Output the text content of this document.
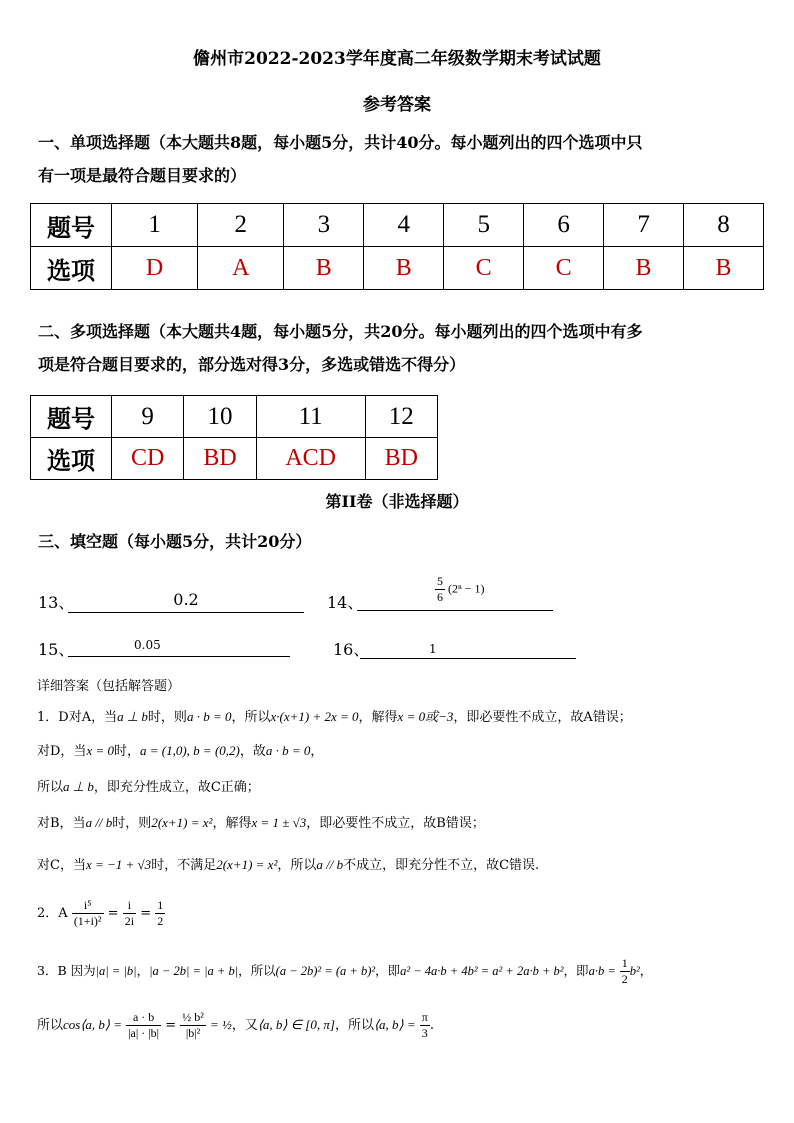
儋州市2022-2023学年度高二年级数学期末考试试题
参考答案
一、单项选择题（本大题共8题，每小题5分，共计40分。每小题列出的四个选项中只
有一项是最符合题目要求的）
题号	1	2	3	4	5	6	7	8
选项	D	A	B	B	C	C	B	B
二、多项选择题（本大题共4题，每小题5分，共20分。每小题列出的四个选项中有多
项是符合题目要求的，部分选对得3分，多选或错选不得分）
题号	9	10	11	12
选项	CD	BD	ACD	BD
第II卷（非选择题）
三、填空题（每小题5分，共计20分）
13、	0.2	14、	$\frac{5}{6} (2^n - 1)$
15、	0.05	16、	1
详细答案（包括解答题）
1．D对A，当a ⊥ b时，则a · b = 0，所以x·(x+1) + 2x = 0，解得x = 0或−3，即必要性不成立，故A错误；
对D，当x = 0时，a = (1,0), b = (0,2)，故a · b = 0，
所以a ⊥ b，即充分性成立，故C正确；
对B，当a // b时，则2(x+1) = x²，解得x = 1 ± √3，即必要性不成立，故B错误；
对C，当x = −1 + √3时，不满足2(x+1) = x²，所以a // b不成立，即充分性不立，故C错误.
2．A $\frac{\text{i⁵}}{\text{(1+i)²}} = \frac{i}{2i} = \frac{1}{2}$
3．B 因为|a| = |b|，|a − 2b| = |a + b|，所以(a − 2b)² = (a + b)²，即a² − 4a·b + 4b² = a² + 2a·b + b²，即$a\cdot b = \frac{1}{2} b^2$，
所以cos⟨a, b⟩ = $\frac{a \cdot b}{|a| \cdot |b|} = \frac{\text{½ b²}}{\text{|b|²}}$ = ½，又⟨a, b⟩ ∈ [0, π]，所以⟨a, b⟩ = $\frac{\pi}{3}$ .
